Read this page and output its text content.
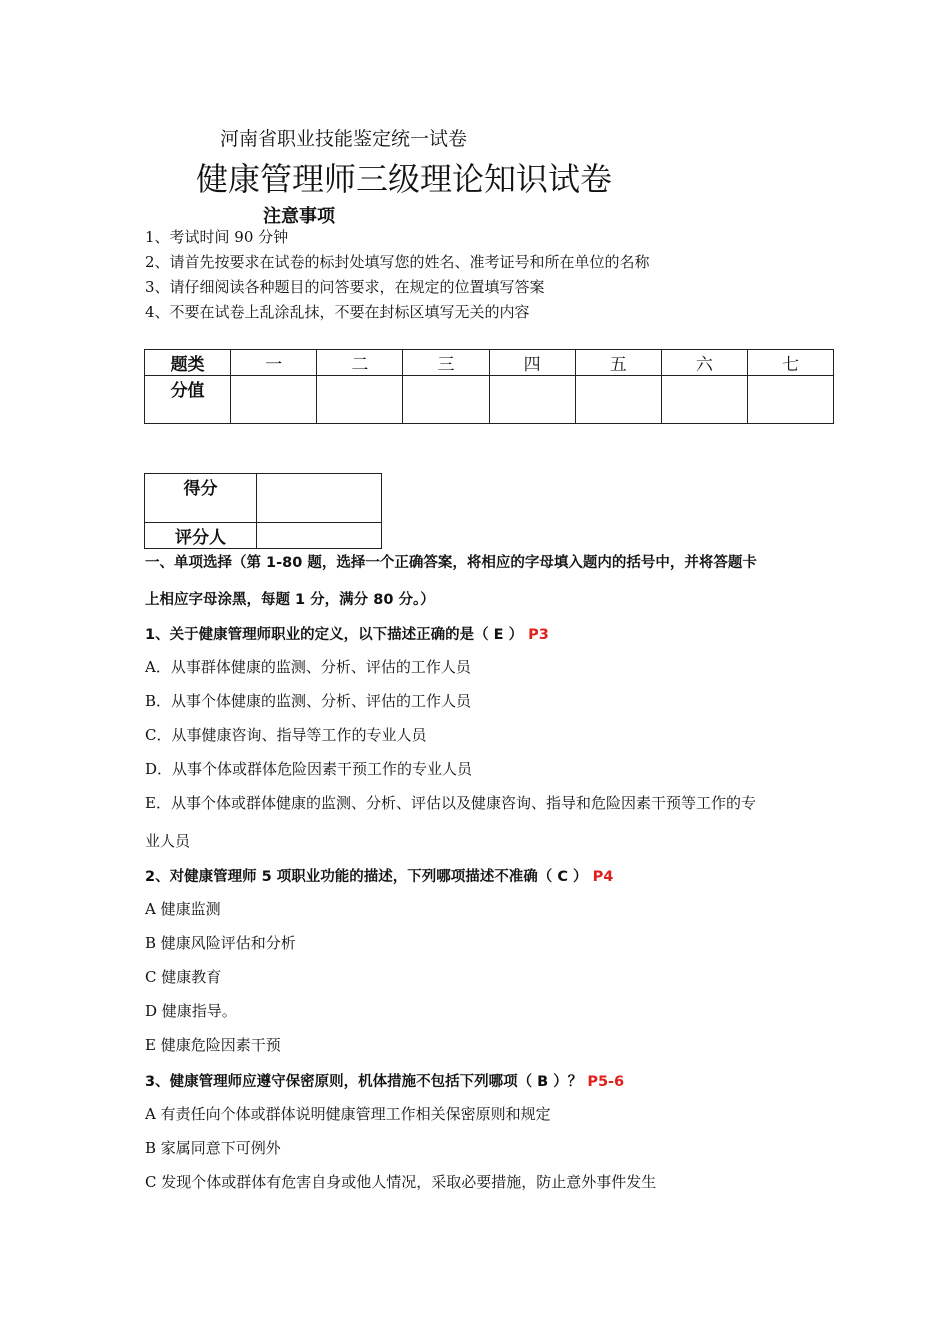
河南省职业技能鉴定统一试卷
健康管理师三级理论知识试卷
注意事项
1、考试时间 90 分钟
2、请首先按要求在试卷的标封处填写您的姓名、准考证号和所在单位的名称
3、请仔细阅读各种题目的问答要求，在规定的位置填写答案
4、不要在试卷上乱涂乱抹，不要在封标区填写无关的内容
题类	一	二	三	四	五	六	七
分值							
得分	
评分人	
一、单项选择（第 1-80 题，选择一个正确答案，将相应的字母填入题内的括号中，并将答题卡
上相应字母涂黑，每题 1 分，满分 80 分。）
1、关于健康管理师职业的定义，以下描述正确的是（ E ） P3
A．从事群体健康的监测、分析、评估的工作人员
B．从事个体健康的监测、分析、评估的工作人员
C．从事健康咨询、指导等工作的专业人员
D．从事个体或群体危险因素干预工作的专业人员
E．从事个体或群体健康的监测、分析、评估以及健康咨询、指导和危险因素干预等工作的专
业人员
2、对健康管理师 5 项职业功能的描述，下列哪项描述不准确（ C ） P4
A 健康监测
B 健康风险评估和分析
C 健康教育
D 健康指导。
E 健康危险因素干预
3、健康管理师应遵守保密原则，机体措施不包括下列哪项（ B ）？ P5-6
A 有责任向个体或群体说明健康管理工作相关保密原则和规定
B 家属同意下可例外
C 发现个体或群体有危害自身或他人情况，采取必要措施，防止意外事件发生
